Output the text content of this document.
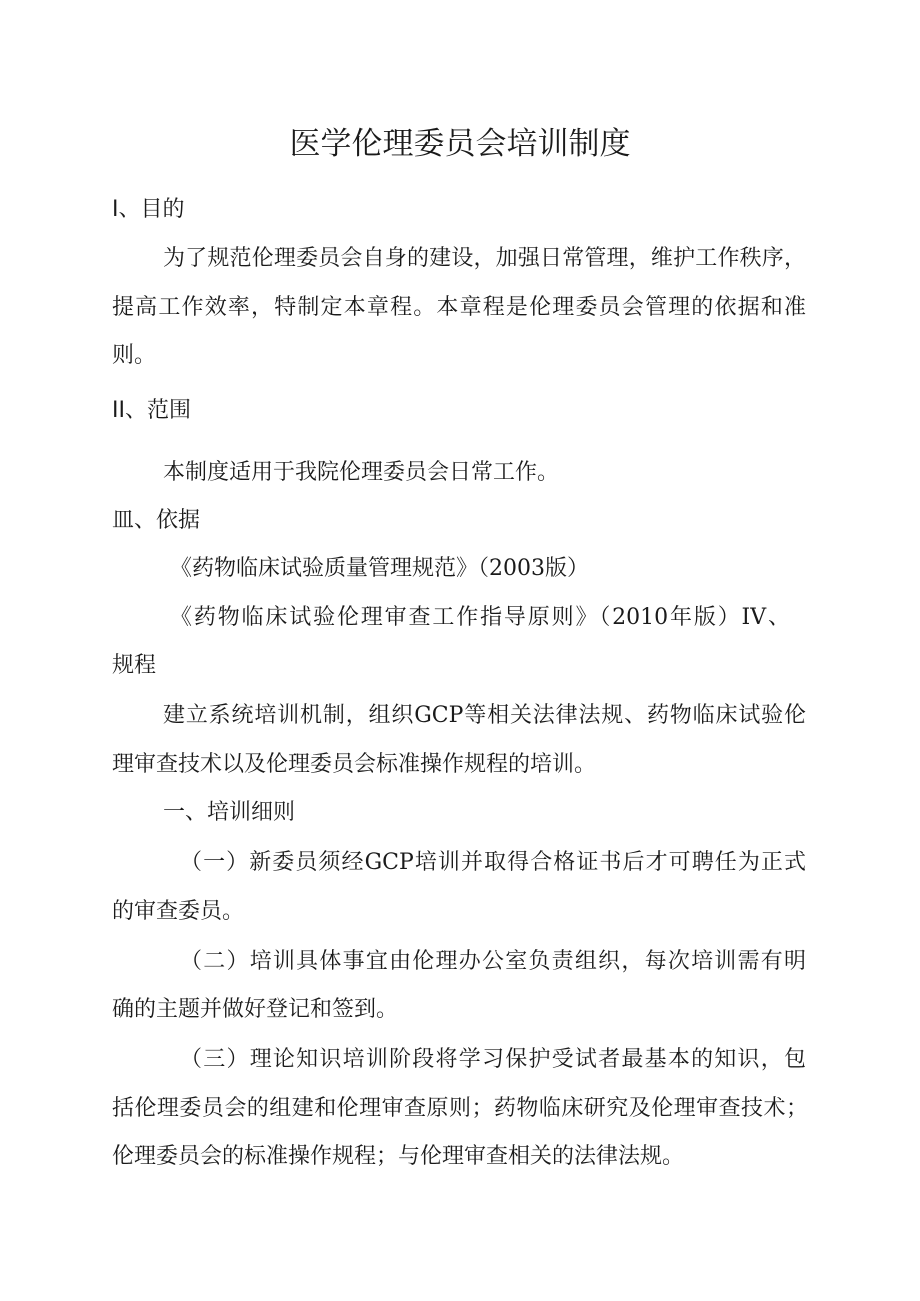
医学伦理委员会培训制度
I、目的
为了规范伦理委员会自身的建设，加强日常管理，维护工作秩序，
提高工作效率，特制定本章程。本章程是伦理委员会管理的依据和准
则。
II、范围
本制度适用于我院伦理委员会日常工作。
皿、依据
《药物临床试验质量管理规范》（2003版）
《药物临床试验伦理审查工作指导原则》（2010年版）IV、
规程
建立系统培训机制，组织GCP等相关法律法规、药物临床试验伦
理审查技术以及伦理委员会标准操作规程的培训。
一、培训细则
（一）新委员须经GCP培训并取得合格证书后才可聘任为正式
的审查委员。
（二）培训具体事宜由伦理办公室负责组织，每次培训需有明
确的主题并做好登记和签到。
（三）理论知识培训阶段将学习保护受试者最基本的知识，包
括伦理委员会的组建和伦理审查原则；药物临床研究及伦理审查技术；
伦理委员会的标准操作规程；与伦理审查相关的法律法规。
